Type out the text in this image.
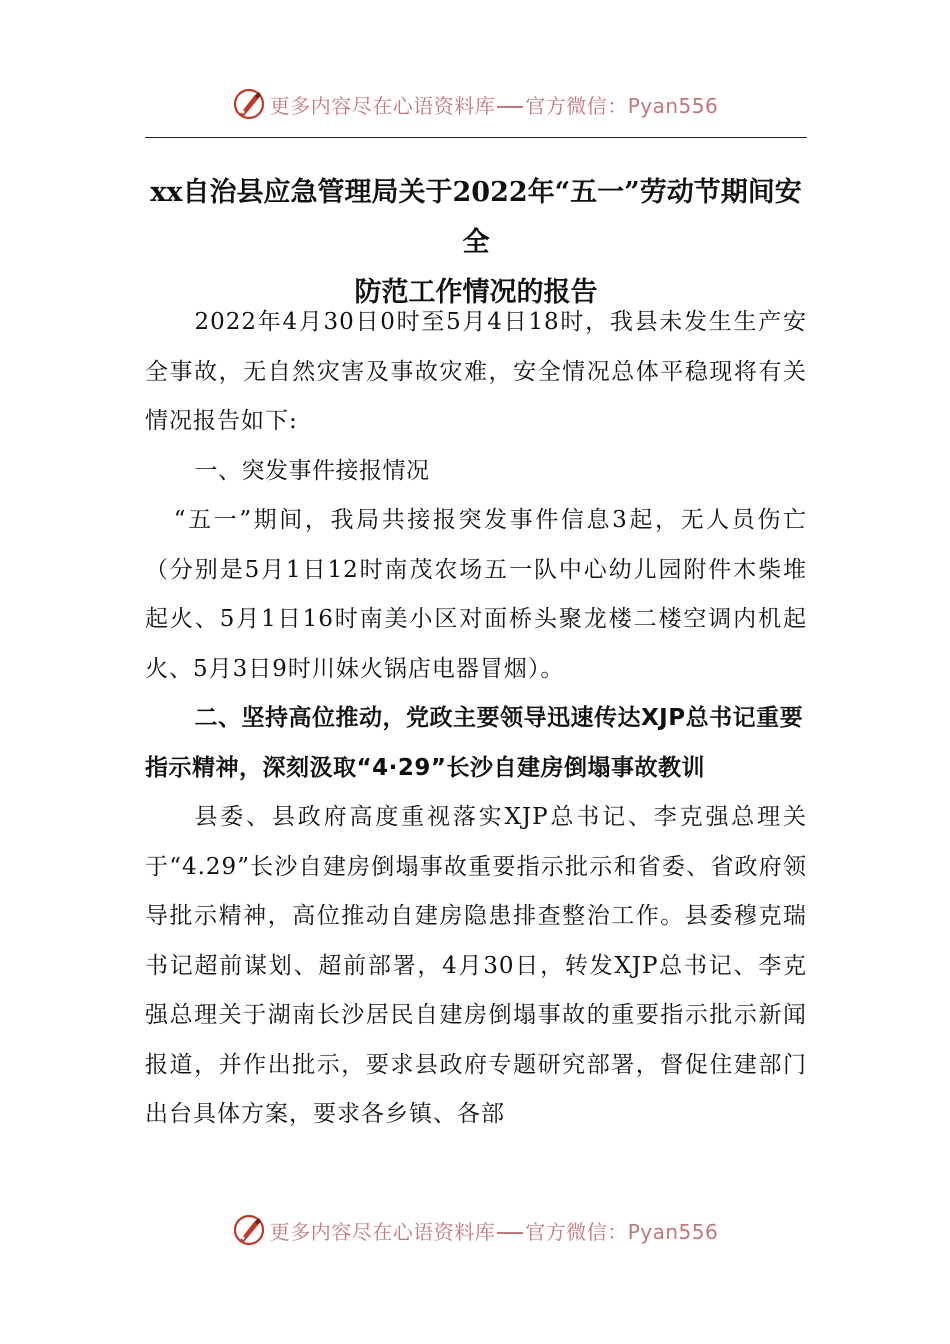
更多内容尽在心语资料库 官方微信：Pyan556
xx自治县应急管理局关于2022年“五一”劳动节期间安全
防范工作情况的报告

2022年4月30日0时至5月4日18时，我县未发生生产安全事故，无自然灾害及事故灾难，安全情况总体平稳现将有关情况报告如下:

一、突发事件接报情况

“五一”期间，我局共接报突发事件信息3起，无人员伤亡（分别是5月1日12时南茂农场五一队中心幼儿园附件木柴堆起火、5月1日16时南美小区对面桥头聚龙楼二楼空调内机起火、5月3日9时川妹火锅店电器冒烟）。

二、坚持高位推动，党政主要领导迅速传达XJP总书记重要指示精神，深刻汲取“4·29”长沙自建房倒塌事故教训

县委、县政府高度重视落实XJP总书记、李克强总理关于“4.29”长沙自建房倒塌事故重要指示批示和省委、省政府领导批示精神，高位推动自建房隐患排查整治工作。县委穆克瑞书记超前谋划、超前部署，4月30日，转发XJP总书记、李克强总理关于湖南长沙居民自建房倒塌事故的重要指示批示新闻报道，并作出批示，要求县政府专题研究部署，督促住建部门出台具体方案，要求各乡镇、各部

更多内容尽在心语资料库 官方微信：Pyan556
